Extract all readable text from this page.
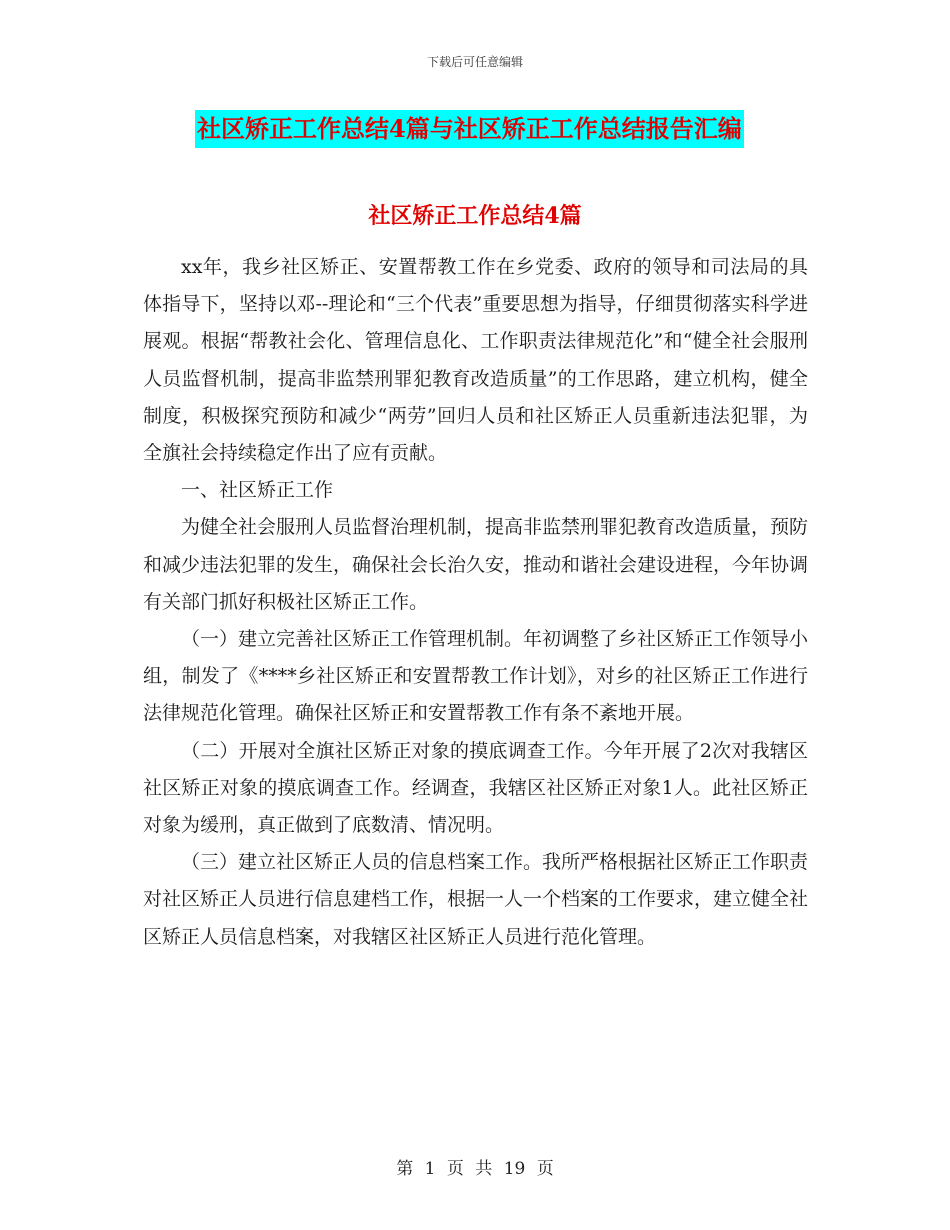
下载后可任意编辑
社区矫正工作总结4篇与社区矫正工作总结报告汇编
社区矫正工作总结4篇

xx年，我乡社区矫正、安置帮教工作在乡党委、政府的领导和司法局的具体指导下，坚持以邓--理论和“三个代表”重要思想为指导，仔细贯彻落实科学进展观。根据“帮教社会化、管理信息化、工作职责法律规范化”和“健全社会服刑人员监督机制，提高非监禁刑罪犯教育改造质量”的工作思路，建立机构，健全制度，积极探究预防和减少“两劳”回归人员和社区矫正人员重新违法犯罪，为全旗社会持续稳定作出了应有贡献。

一、社区矫正工作

为健全社会服刑人员监督治理机制，提高非监禁刑罪犯教育改造质量，预防和减少违法犯罪的发生，确保社会长治久安，推动和谐社会建设进程，今年协调有关部门抓好积极社区矫正工作。

（一）建立完善社区矫正工作管理机制。年初调整了乡社区矫正工作领导小组，制发了《****乡社区矫正和安置帮教工作计划》，对乡的社区矫正工作进行法律规范化管理。确保社区矫正和安置帮教工作有条不紊地开展。

（二）开展对全旗社区矫正对象的摸底调查工作。今年开展了2次对我辖区社区矫正对象的摸底调查工作。经调查，我辖区社区矫正对象1人。此社区矫正对象为缓刑，真正做到了底数清、情况明。

（三）建立社区矫正人员的信息档案工作。我所严格根据社区矫正工作职责对社区矫正人员进行信息建档工作，根据一人一个档案的工作要求，建立健全社区矫正人员信息档案，对我辖区社区矫正人员进行范化管理。

第 1 页 共 19 页
